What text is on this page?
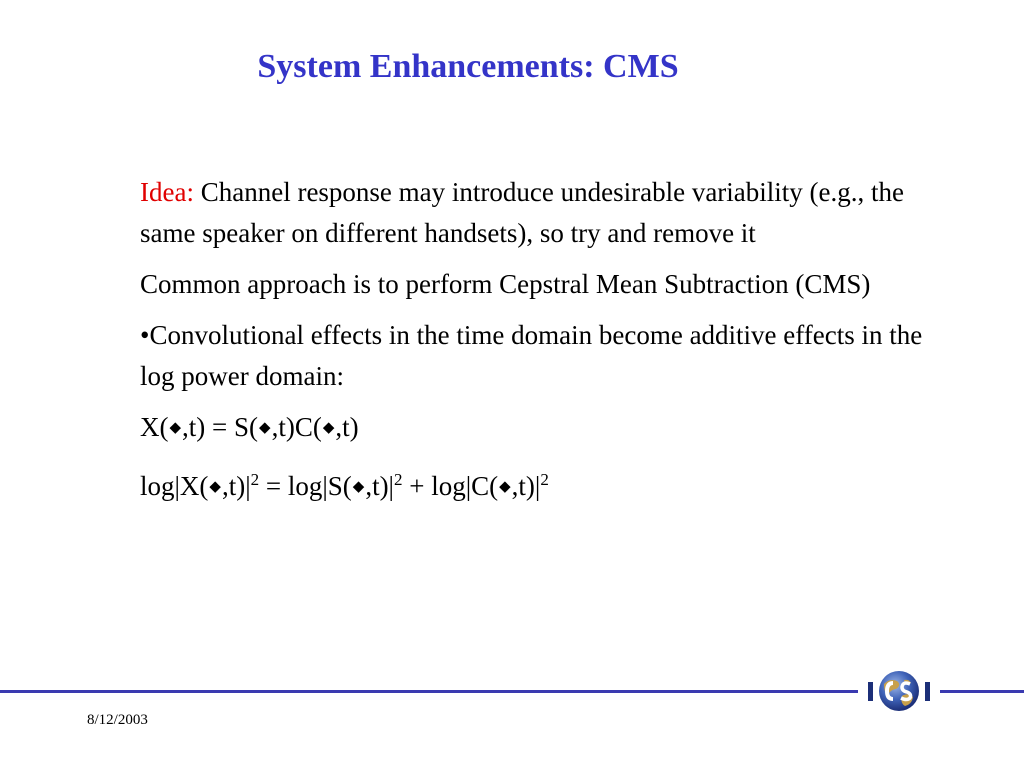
System Enhancements: CMS

Idea: Channel response may introduce undesirable variability (e.g., the same speaker on different handsets), so try and remove it

Common approach is to perform Cepstral Mean Subtraction (CMS)

•Convolutional effects in the time domain become additive effects in the log power domain:

X(◆,t) = S(◆,t)C(◆,t)

$\log|X(◆,t)|^2$ = $\log|S(◆,t)|^2$ + $\log|C(◆,t)|^2$

8/12/2003
